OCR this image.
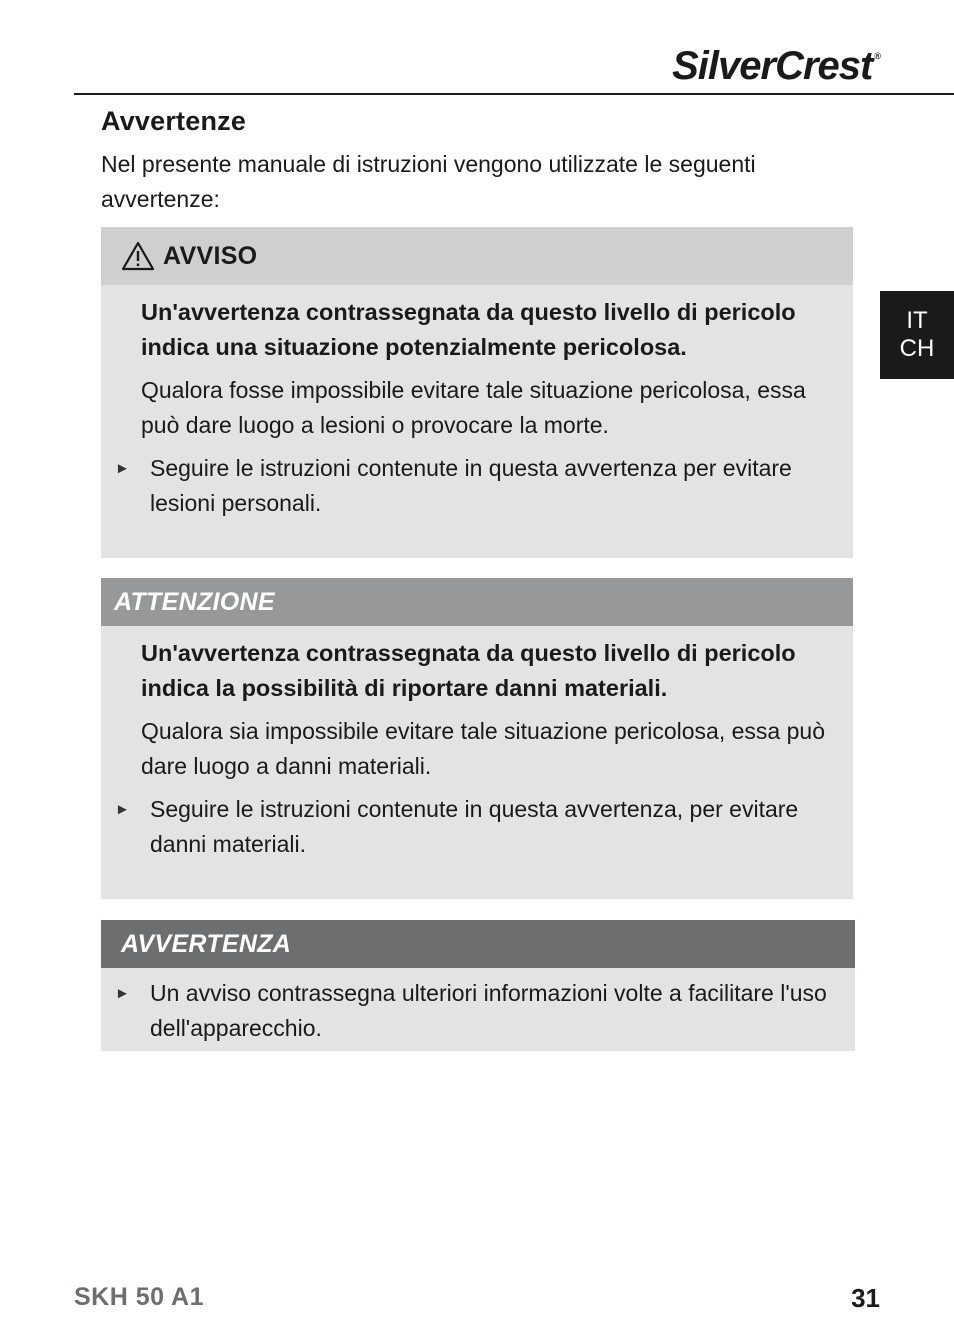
SilverCrest ®
IT
CH
Avvertenze

Nel presente manuale di istruzioni vengono utilizzate le seguenti avvertenze:

AVVISO
Un'avvertenza contrassegnata da questo livello di pericolo indica una situazione potenzialmente pericolosa.
Qualora fosse impossibile evitare tale situazione pericolosa, essa può dare luogo a lesioni o provocare la morte.
► Seguire le istruzioni contenute in questa avvertenza per evitare lesioni personali.
ATTENZIONE
Un'avvertenza contrassegnata da questo livello di pericolo indica la possibilità di riportare danni materiali.
Qualora sia impossibile evitare tale situazione pericolosa, essa può dare luogo a danni materiali.
► Seguire le istruzioni contenute in questa avvertenza, per evitare danni materiali.
AVVERTENZA
► Un avviso contrassegna ulteriori informazioni volte a facilitare l'uso dell'apparecchio.
SKH 50 A1	31
